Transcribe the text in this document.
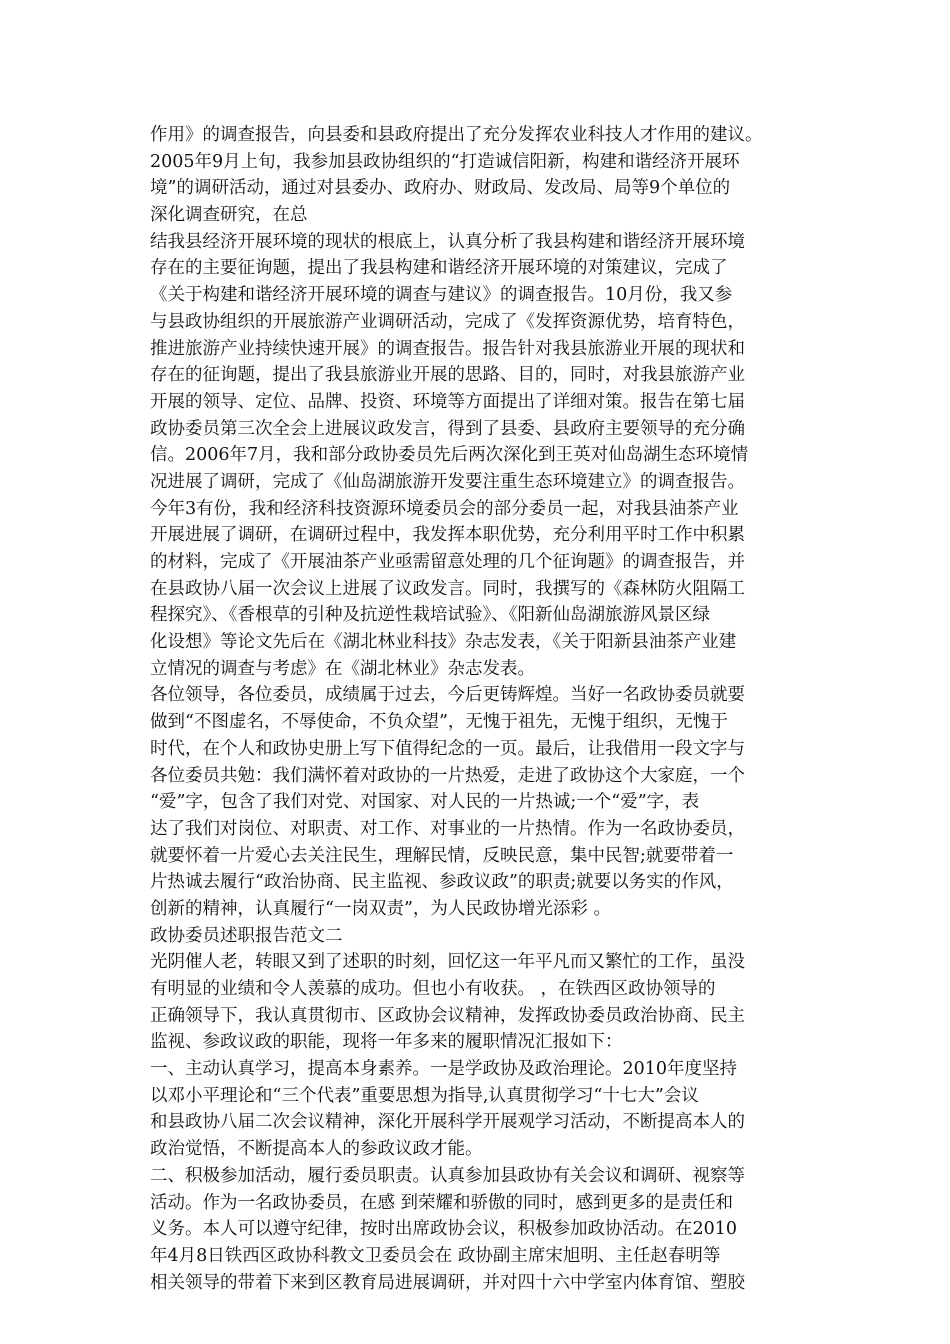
作用》的调查报告，向县委和县政府提出了充分发挥农业科技人才作用的建议。
2005年9月上旬，我参加县政协组织的“打造诚信阳新，构建和谐经济开展环
境”的调研活动，通过对县委办、政府办、财政局、发改局、局等9个单位的
深化调查研究，在总
结我县经济开展环境的现状的根底上，认真分析了我县构建和谐经济开展环境
存在的主要征询题，提出了我县构建和谐经济开展环境的对策建议，完成了
《关于构建和谐经济开展环境的调查与建议》的调查报告。10月份，我又参
与县政协组织的开展旅游产业调研活动，完成了《发挥资源优势，培育特色，
推进旅游产业持续快速开展》的调查报告。报告针对我县旅游业开展的现状和
存在的征询题，提出了我县旅游业开展的思路、目的，同时，对我县旅游产业
开展的领导、定位、品牌、投资、环境等方面提出了详细对策。报告在第七届
政协委员第三次全会上进展议政发言，得到了县委、县政府主要领导的充分确
信。2006年7月，我和部分政协委员先后两次深化到王英对仙岛湖生态环境情
况进展了调研，完成了《仙岛湖旅游开发要注重生态环境建立》的调查报告。
今年3有份，我和经济科技资源环境委员会的部分委员一起，对我县油茶产业
开展进展了调研，在调研过程中，我发挥本职优势，充分利用平时工作中积累
的材料，完成了《开展油茶产业亟需留意处理的几个征询题》的调查报告，并
在县政协八届一次会议上进展了议政发言。同时，我撰写的《森林防火阻隔工
程探究》、《香根草的引种及抗逆性栽培试验》、《阳新仙岛湖旅游风景区绿
化设想》等论文先后在《湖北林业科技》杂志发表，《关于阳新县油茶产业建
立情况的调查与考虑》在《湖北林业》杂志发表。
各位领导，各位委员，成绩属于过去，今后更铸辉煌。当好一名政协委员就要
做到“不图虚名，不辱使命，不负众望”，无愧于祖先，无愧于组织，无愧于
时代，在个人和政协史册上写下值得纪念的一页。最后，让我借用一段文字与
各位委员共勉：我们满怀着对政协的一片热爱，走进了政协这个大家庭，一个
“爱”字，包含了我们对党、对国家、对人民的一片热诚;一个“爱”字，表
达了我们对岗位、对职责、对工作、对事业的一片热情。作为一名政协委员，
就要怀着一片爱心去关注民生，理解民情，反映民意，集中民智;就要带着一
片热诚去履行“政治协商、民主监视、参政议政”的职责;就要以务实的作风，
创新的精神，认真履行“一岗双责”，为人民政协增光添彩 。
政协委员述职报告范文二
光阴催人老，转眼又到了述职的时刻，回忆这一年平凡而又繁忙的工作，虽没
有明显的业绩和令人羡慕的成功。但也小有收获。 ，在铁西区政协领导的
正确领导下，我认真贯彻市、区政协会议精神，发挥政协委员政治协商、民主
监视、参政议政的职能，现将一年多来的履职情况汇报如下：
一、主动认真学习，提高本身素养。一是学政协及政治理论。2010年度坚持
以邓小平理论和“三个代表”重要思想为指导,认真贯彻学习“十七大”会议
和县政协八届二次会议精神，深化开展科学开展观学习活动，不断提高本人的
政治觉悟，不断提高本人的参政议政才能。
二、积极参加活动，履行委员职责。认真参加县政协有关会议和调研、视察等
活动。作为一名政协委员，在感 到荣耀和骄傲的同时，感到更多的是责任和
义务。本人可以遵守纪律，按时出席政协会议，积极参加政协活动。在2010
年4月8日铁西区政协科教文卫委员会在 政协副主席宋旭明、主任赵春明等
相关领导的带着下来到区教育局进展调研，并对四十六中学室内体育馆、塑胶
